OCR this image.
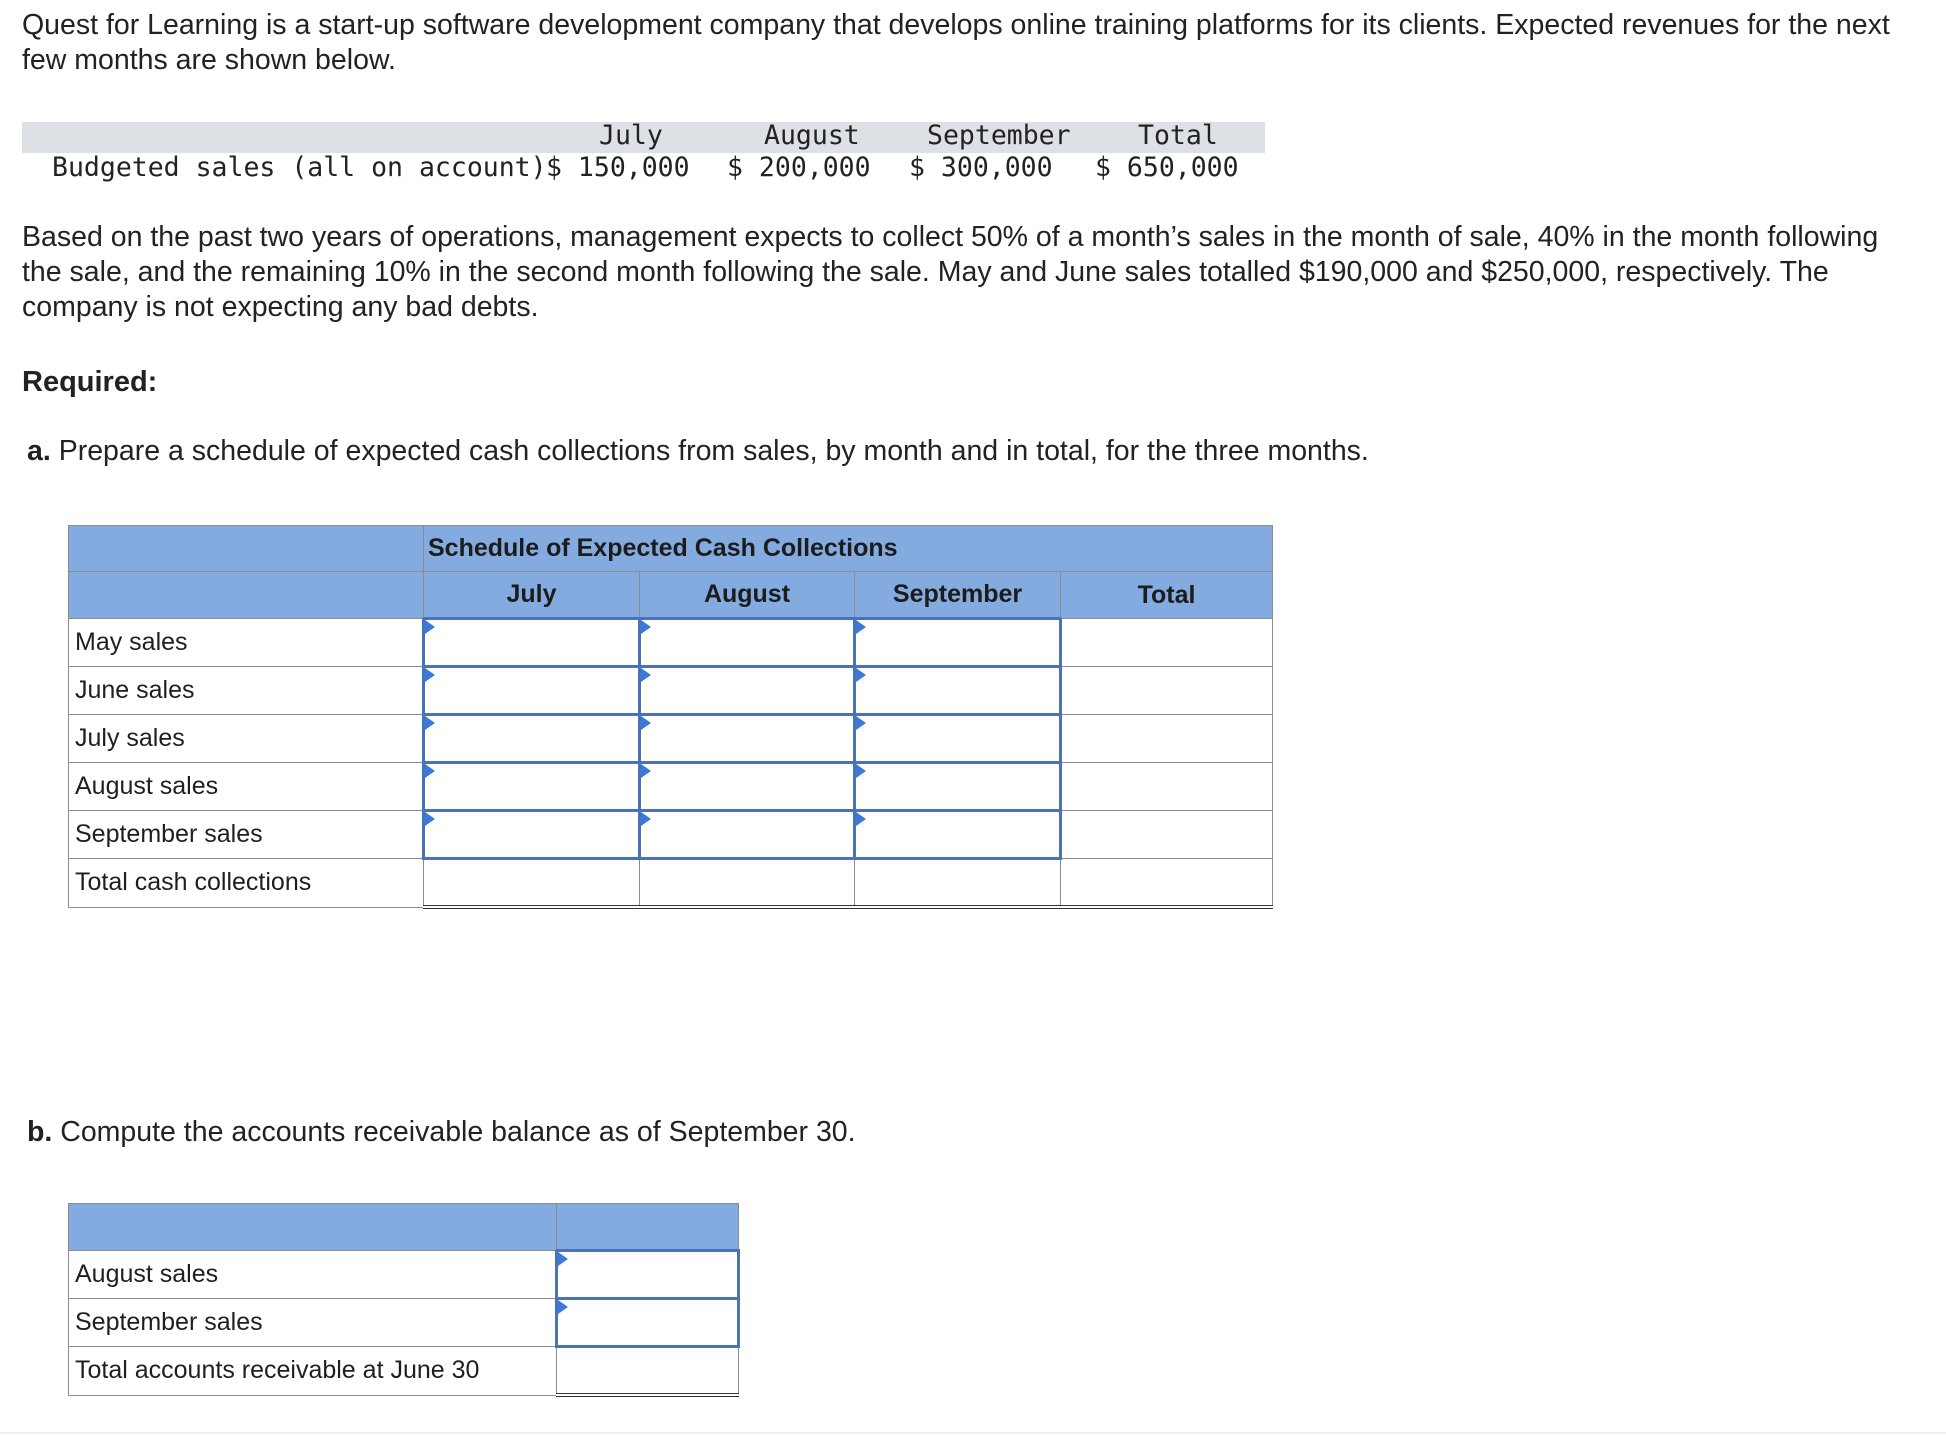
Quest for Learning is a start-up software development company that develops online training platforms for its clients. Expected revenues for the next few months are shown below.

July	August	September	Total
Budgeted sales (all on account) $ 150,000 $ 200,000 $ 300,000 $ 650,000

Based on the past two years of operations, management expects to collect 50% of a month’s sales in the month of sale, 40% in the month following the sale, and the remaining 10% in the second month following the sale. May and June sales totalled $190,000 and $250,000, respectively. The company is not expecting any bad debts.

Required:
a. Prepare a schedule of expected cash collections from sales, by month and in total, for the three months.
	Schedule of Expected Cash Collections			
	July	August	September	Total
May sales				
June sales				
July sales				
August sales				
September sales				
Total cash collections				
b. Compute the accounts receivable balance as of September 30.

August sales	
September sales	
Total accounts receivable at June 30	
